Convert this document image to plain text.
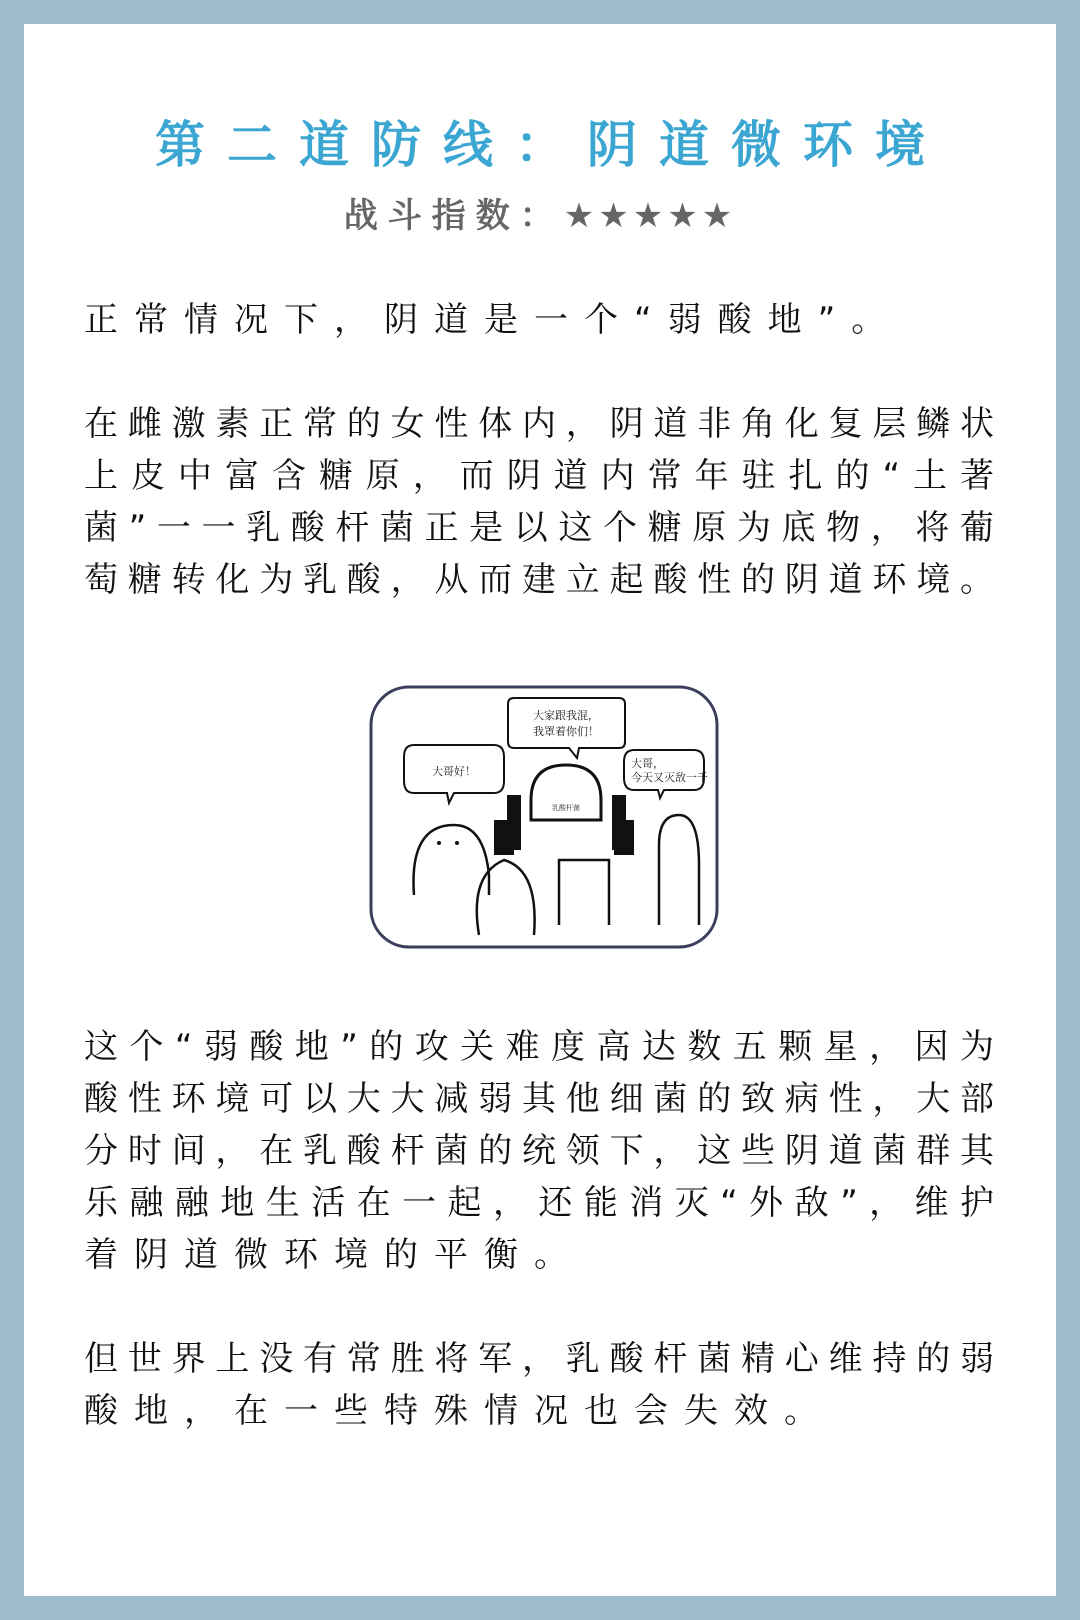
第二道防线：阴道微环境
战斗指数：★★★★★
正常情况下，阴道是一个“弱酸地”。
在雌激素正常的女性体内，阴道非角化复层鳞状
上皮中富含糖原，而阴道内常年驻扎的“土著
菌”一一乳酸杆菌正是以这个糖原为底物，将葡
萄糖转化为乳酸，从而建立起酸性的阴道环境。
大家跟我混，
我罩着你们！
大哥好！
大哥，
今天又灭敌一千
乳酸杆菌
这个“弱酸地”的攻关难度高达数五颗星，因为
酸性环境可以大大减弱其他细菌的致病性，大部
分时间，在乳酸杆菌的统领下，这些阴道菌群其
乐融融地生活在一起，还能消灭“外敌”，维护
着阴道微环境的平衡。
但世界上没有常胜将军，乳酸杆菌精心维持的弱
酸地，在一些特殊情况也会失效。
